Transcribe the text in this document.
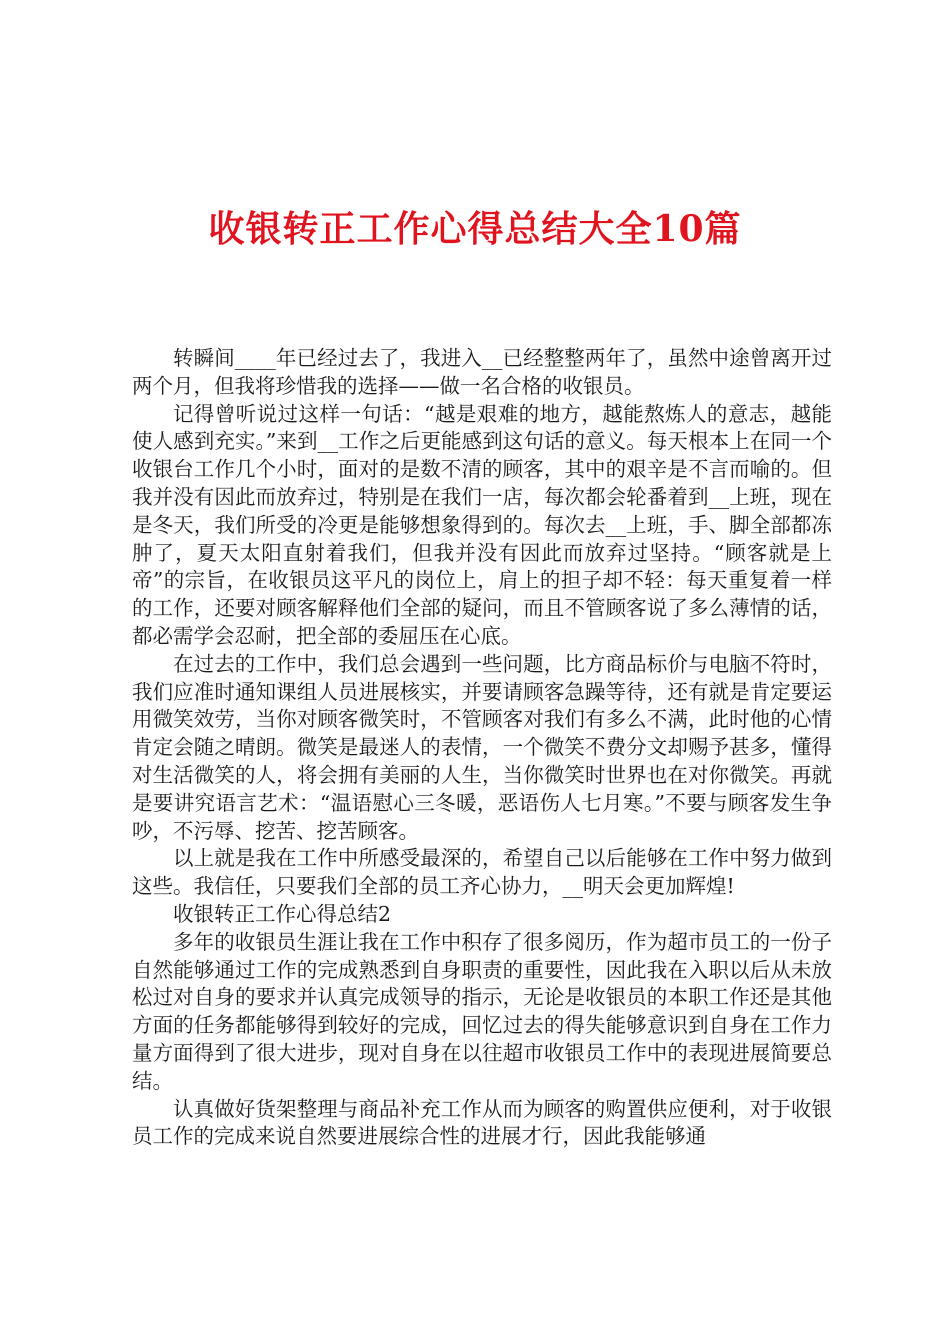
收银转正工作心得总结大全10篇

转瞬间____年已经过去了，我进入__已经整整两年了，虽然中途曾离开过两个月，但我将珍惜我的选择——做一名合格的收银员。

记得曾听说过这样一句话：“越是艰难的地方，越能熬炼人的意志，越能使人感到充实。”来到__工作之后更能感到这句话的意义。每天根本上在同一个收银台工作几个小时，面对的是数不清的顾客，其中的艰辛是不言而喻的。但我并没有因此而放弃过，特别是在我们一店，每次都会轮番着到__上班，现在是冬天，我们所受的冷更是能够想象得到的。每次去__上班，手、脚全部都冻肿了，夏天太阳直射着我们，但我并没有因此而放弃过坚持。“顾客就是上帝”的宗旨，在收银员这平凡的岗位上，肩上的担子却不轻：每天重复着一样的工作，还要对顾客解释他们全部的疑问，而且不管顾客说了多么薄情的话，都必需学会忍耐，把全部的委屈压在心底。

在过去的工作中，我们总会遇到一些问题，比方商品标价与电脑不符时，我们应准时通知课组人员进展核实，并要请顾客急躁等待，还有就是肯定要运用微笑效劳，当你对顾客微笑时，不管顾客对我们有多么不满，此时他的心情肯定会随之晴朗。微笑是最迷人的表情，一个微笑不费分文却赐予甚多，懂得对生活微笑的人，将会拥有美丽的人生，当你微笑时世界也在对你微笑。再就是要讲究语言艺术：“温语慰心三冬暖，恶语伤人七月寒。”不要与顾客发生争吵，不污辱、挖苦、挖苦顾客。

以上就是我在工作中所感受最深的，希望自己以后能够在工作中努力做到这些。我信任，只要我们全部的员工齐心协力，__明天会更加辉煌!

收银转正工作心得总结2

多年的收银员生涯让我在工作中积存了很多阅历，作为超市员工的一份子自然能够通过工作的完成熟悉到自身职责的重要性，因此我在入职以后从未放松过对自身的要求并认真完成领导的指示，无论是收银员的本职工作还是其他方面的任务都能够得到较好的完成，回忆过去的得失能够意识到自身在工作力量方面得到了很大进步，现对自身在以往超市收银员工作中的表现进展简要总结。

认真做好货架整理与商品补充工作从而为顾客的购置供应便利，对于收银员工作的完成来说自然要进展综合性的进展才行，因此我能够通
